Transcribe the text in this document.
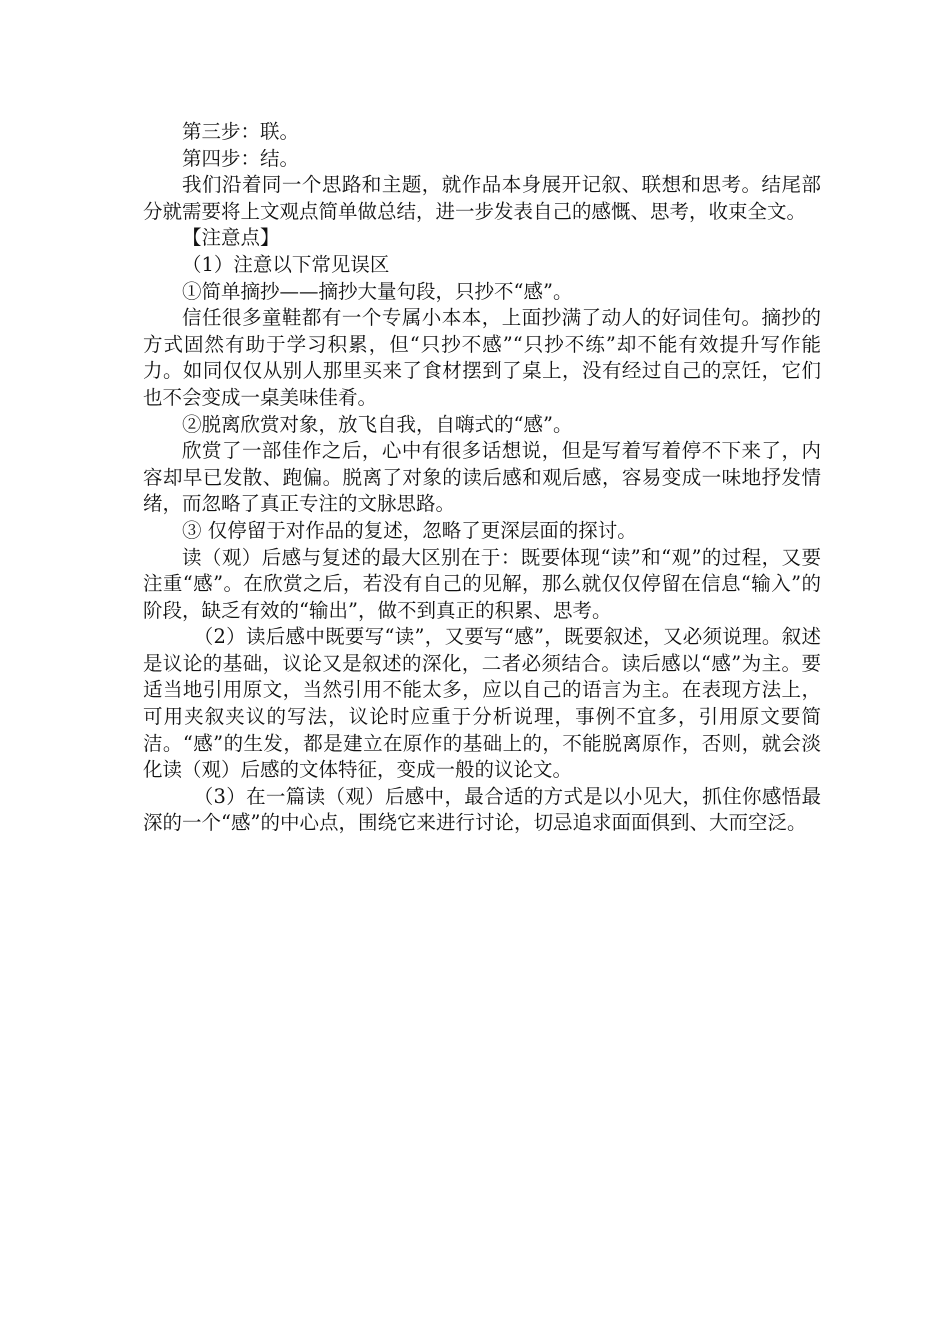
第三步：联。

第四步：结。

我们沿着同一个思路和主题，就作品本身展开记叙、联想和思考。结尾部分就需要将上文观点简单做总结，进一步发表自己的感慨、思考，收束全文。

【注意点】

（1）注意以下常见误区

①简单摘抄——摘抄大量句段，只抄不“感”。

信任很多童鞋都有一个专属小本本，上面抄满了动人的好词佳句。摘抄的方式固然有助于学习积累，但“只抄不感”“只抄不练”却不能有效提升写作能力。如同仅仅从别人那里买来了食材摆到了桌上，没有经过自己的烹饪，它们也不会变成一桌美味佳肴。

②脱离欣赏对象，放飞自我，自嗨式的“感”。

欣赏了一部佳作之后，心中有很多话想说，但是写着写着停不下来了，内容却早已发散、跑偏。脱离了对象的读后感和观后感，容易变成一味地抒发情绪，而忽略了真正专注的文脉思路。

③ 仅停留于对作品的复述，忽略了更深层面的探讨。

读（观）后感与复述的最大区别在于：既要体现“读”和“观”的过程，又要注重“感”。在欣赏之后，若没有自己的见解，那么就仅仅停留在信息“输入”的阶段，缺乏有效的“输出”，做不到真正的积累、思考。

（2）读后感中既要写“读”，又要写“感”，既要叙述，又必须说理。叙述是议论的基础，议论又是叙述的深化，二者必须结合。读后感以“感”为主。要适当地引用原文，当然引用不能太多，应以自己的语言为主。在表现方法上，可用夹叙夹议的写法，议论时应重于分析说理，事例不宜多，引用原文要简洁。“感”的生发，都是建立在原作的基础上的，不能脱离原作，否则，就会淡化读（观）后感的文体特征，变成一般的议论文。

（3）在一篇读（观）后感中，最合适的方式是以小见大，抓住你感悟最深的一个“感”的中心点，围绕它来进行讨论，切忌追求面面俱到、大而空泛。
